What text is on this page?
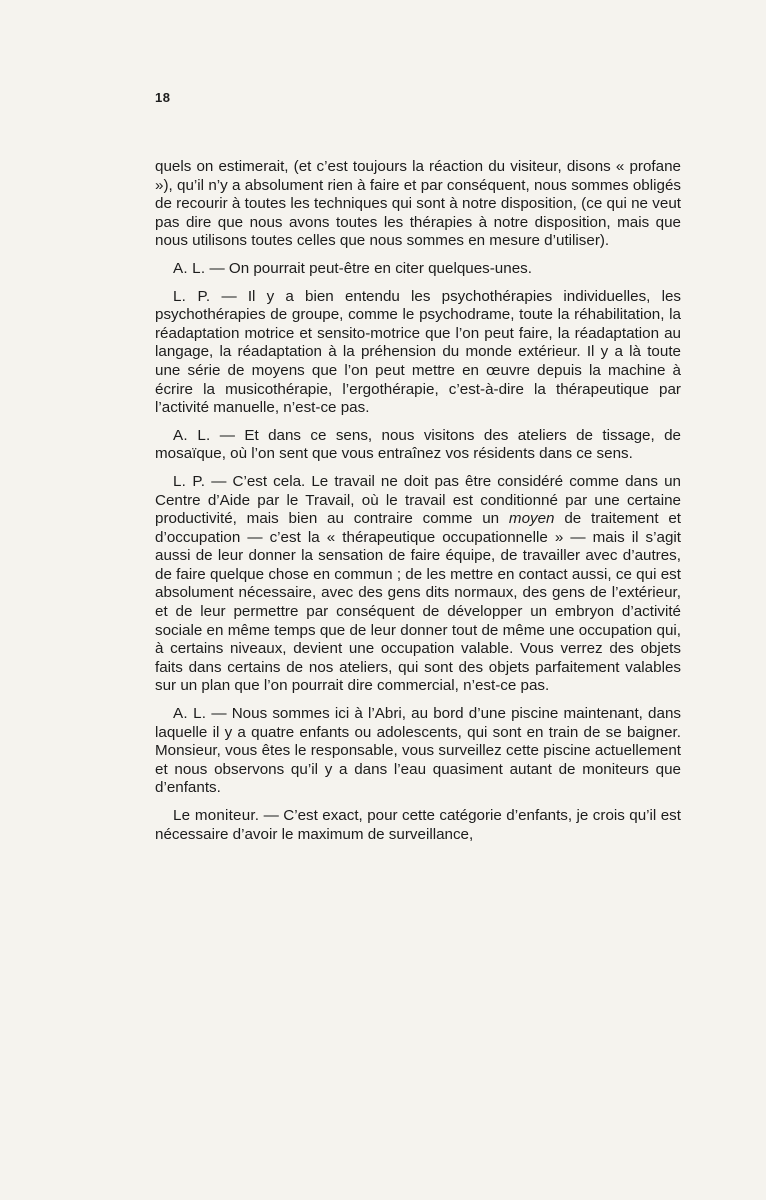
18

quels on estimerait, (et c’est toujours la réaction du visiteur, disons « profane »), qu’il n’y a absolument rien à faire et par conséquent, nous sommes obligés de recourir à toutes les techniques qui sont à notre disposition, (ce qui ne veut pas dire que nous avons toutes les thérapies à notre disposition, mais que nous utilisons toutes celles que nous sommes en mesure d’utiliser).

A. L. — On pourrait peut-être en citer quelques-unes.

L. P. — Il y a bien entendu les psychothérapies individuelles, les psychothérapies de groupe, comme le psychodrame, toute la réhabilitation, la réadaptation motrice et sensito-motrice que l’on peut faire, la réadaptation au langage, la réadaptation à la préhension du monde extérieur. Il y a là toute une série de moyens que l’on peut mettre en œuvre depuis la machine à écrire la musicothérapie, l’ergothérapie, c’est-à-dire la thérapeutique par l’activité manuelle, n’est-ce pas.

A. L. — Et dans ce sens, nous visitons des ateliers de tissage, de mosaïque, où l’on sent que vous entraînez vos résidents dans ce sens.

L. P. — C’est cela. Le travail ne doit pas être considéré comme dans un Centre d’Aide par le Travail, où le travail est conditionné par une certaine productivité, mais bien au contraire comme un moyen de traitement et d’occupation — c’est la « thérapeutique occupationnelle » — mais il s’agit aussi de leur donner la sensation de faire équipe, de travailler avec d’autres, de faire quelque chose en commun ; de les mettre en contact aussi, ce qui est absolument nécessaire, avec des gens dits normaux, des gens de l’extérieur, et de leur permettre par conséquent de développer un embryon d’activité sociale en même temps que de leur donner tout de même une occupation qui, à certains niveaux, devient une occupation valable. Vous verrez des objets faits dans certains de nos ateliers, qui sont des objets parfaitement valables sur un plan que l’on pourrait dire commercial, n’est-ce pas.

A. L. — Nous sommes ici à l’Abri, au bord d’une piscine maintenant, dans laquelle il y a quatre enfants ou adolescents, qui sont en train de se baigner. Monsieur, vous êtes le responsable, vous surveillez cette piscine actuellement et nous observons qu’il y a dans l’eau quasiment autant de moniteurs que d’enfants.

Le moniteur. — C’est exact, pour cette catégorie d’enfants, je crois qu’il est nécessaire d’avoir le maximum de surveillance,
